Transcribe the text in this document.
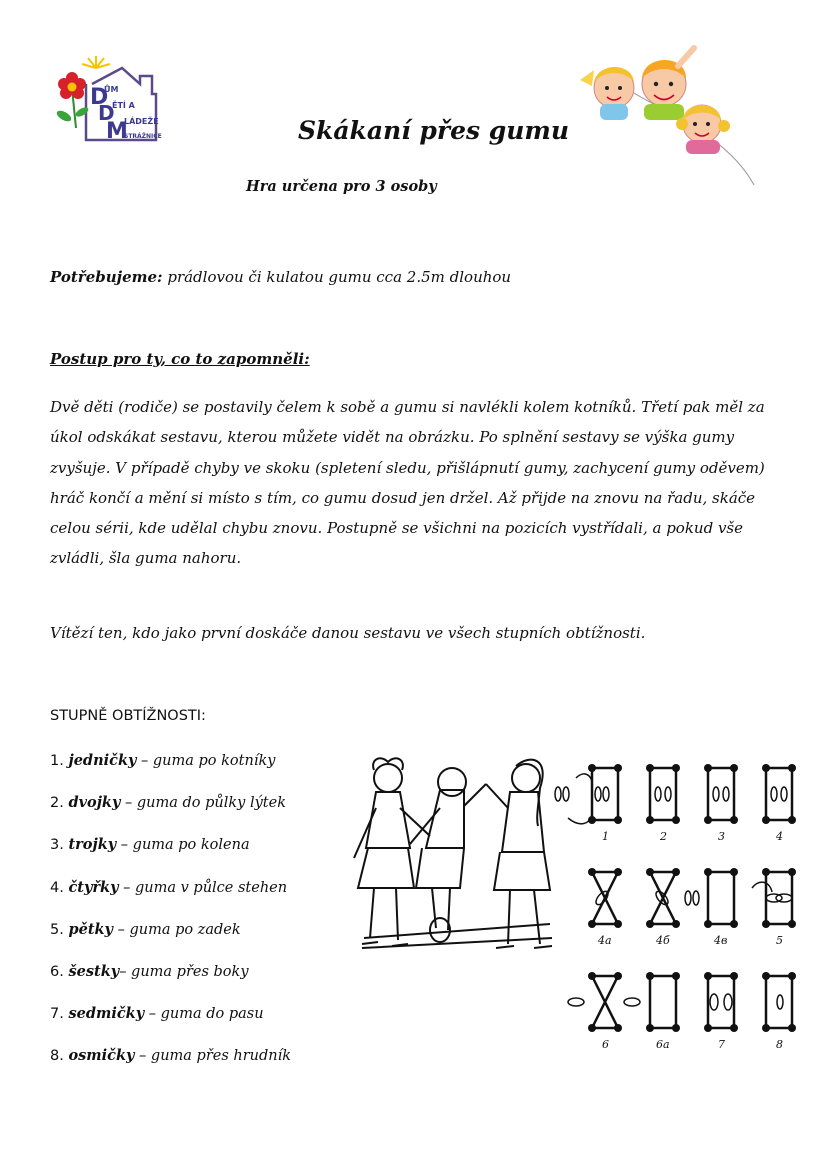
D
ŮM
D
ĚTÍ A
M
LÁDEŽE
STRÁŽNICE	Skákaní přes gumu
Hra určena pro 3 osoby
Potřebujeme: prádlovou či kulatou gumu cca 2.5m dlouhou
Postup pro ty, co to zapomněli:
Dvě děti (rodiče) se postavily čelem k sobě a gumu si navlékli kolem kotníků. Třetí pak měl za úkol odskákat sestavu, kterou můžete vidět na obrázku. Po splnění sestavy se výška gumy zvyšuje. V případě chyby ve skoku (spletení sledu, přišlápnutí gumy, zachycení gumy oděvem) hráč končí a mění si místo s tím, co gumu dosud jen držel. Až přijde na znovu na řadu, skáče celou sérii, kde udělal chybu znovu. Postupně se všichni na pozicích vystřídali, a pokud vše zvládli, šla guma nahoru.
Vítězí ten, kdo jako první doskáče danou sestavu ve všech stupních obtížnosti.
STUPNĚ OBTÍŽNOSTI:
1. jedničky – guma po kotníky
2. dvojky – guma do půlky lýtek
3. trojky – guma po kolena
4. čtyřky – guma v půlce stehen
5. pětky – guma po zadek
6. šestky– guma přes boky
7. sedmičky – guma do pasu
8. osmičky – guma přes hrudník
1	2	3	4
4a	4б	4в	5
6	6a	7	8
